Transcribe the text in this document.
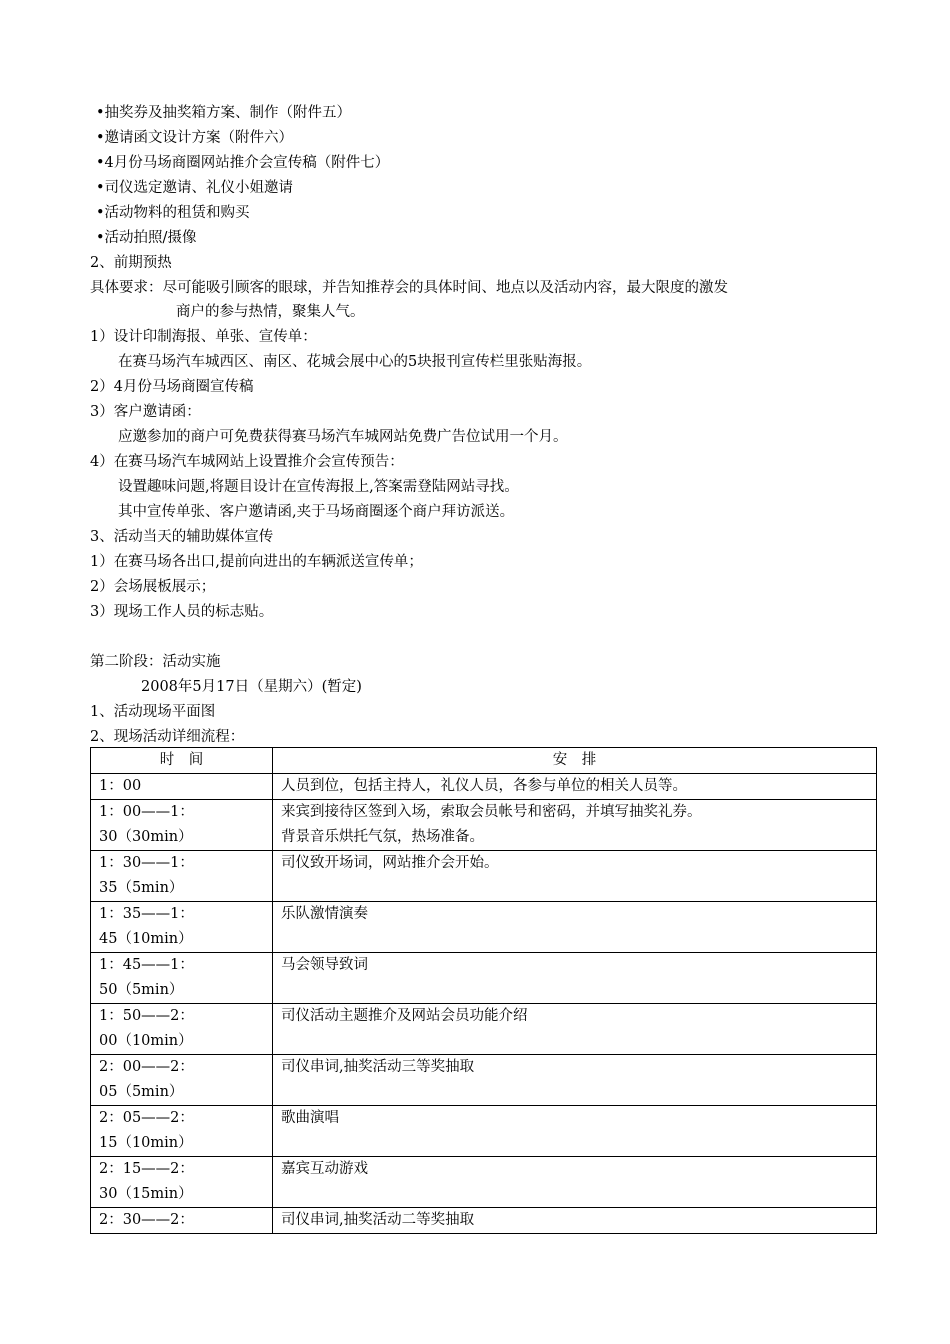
•抽奖券及抽奖箱方案、制作（附件五）
•邀请函文设计方案（附件六）
•4月份马场商圈网站推介会宣传稿（附件七）
•司仪选定邀请、礼仪小姐邀请
•活动物料的租赁和购买
•活动拍照/摄像
2、前期预热
具体要求：尽可能吸引顾客的眼球，并告知推荐会的具体时间、地点以及活动内容，最大限度的激发
商户的参与热情，聚集人气。
1）设计印制海报、单张、宣传单：
在赛马场汽车城西区、南区、花城会展中心的5块报刊宣传栏里张贴海报。
2）4月份马场商圈宣传稿
3）客户邀请函：
应邀参加的商户可免费获得赛马场汽车城网站免费广告位试用一个月。
4）在赛马场汽车城网站上设置推介会宣传预告：
设置趣味问题,将题目设计在宣传海报上,答案需登陆网站寻找。
其中宣传单张、客户邀请函,夹于马场商圈逐个商户拜访派送。
3、活动当天的辅助媒体宣传
1）在赛马场各出口,提前向进出的车辆派送宣传单；
2）会场展板展示；
3）现场工作人员的标志贴。
第二阶段：活动实施
2008年5月17日（星期六）(暂定)
1、活动现场平面图
2、现场活动详细流程：
时　间	安　排

1：00	人员到位，包括主持人，礼仪人员，各参与单位的相关人员等。

1：00——1：
30（30min）	来宾到接待区签到入场，索取会员帐号和密码，并填写抽奖礼券。
背景音乐烘托气氛，热场准备。

1：30——1：
35（5min）	司仪致开场词，网站推介会开始。

1：35——1：
45（10min）	乐队激情演奏

1：45——1：
50（5min）	马会领导致词

1：50——2：
00（10min）	司仪活动主题推介及网站会员功能介绍

2：00——2：
05（5min）	司仪串词,抽奖活动三等奖抽取

2：05——2：
15（10min）	歌曲演唱

2：15——2：
30（15min）	嘉宾互动游戏

2：30——2：	司仪串词,抽奖活动二等奖抽取
